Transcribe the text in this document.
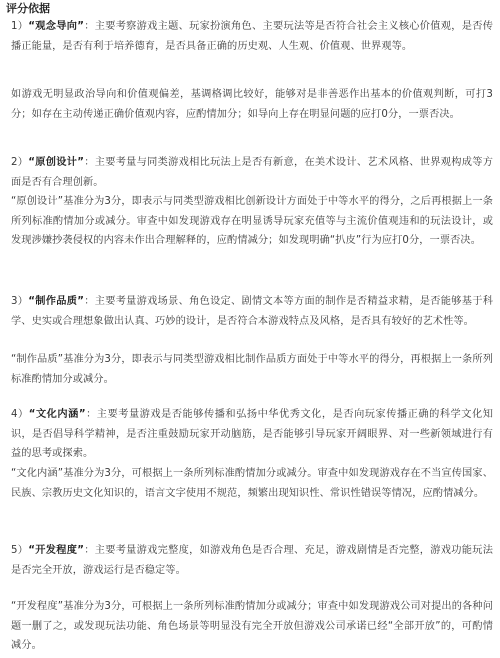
评分依据

1）“观念导向”：主要考察游戏主题、玩家扮演角色、主要玩法等是否符合社会主义核心价值观，是否传播正能量，是否有利于培养德育，是否具备正确的历史观、人生观、价值观、世界观等。

如游戏无明显政治导向和价值观偏差，基调格调比较好，能够对是非善恶作出基本的价值观判断，可打3分；如存在主动传递正确价值观内容，应酌情加分；如导向上存在明显问题的应打0分，一票否决。

2）“原创设计”：主要考量与同类游戏相比玩法上是否有新意，在美术设计、艺术风格、世界观构成等方面是否有合理创新。

“原创设计”基准分为3分，即表示与同类型游戏相比创新设计方面处于中等水平的得分，之后再根据上一条所列标准酌情加分或减分。审查中如发现游戏存在明显诱导玩家充值等与主流价值观违和的玩法设计，或发现涉嫌抄袭侵权的内容未作出合理解释的，应酌情减分；如发现明确“扒皮”行为应打0分，一票否决。

3）“制作品质”：主要考量游戏场景、角色设定、剧情文本等方面的制作是否精益求精，是否能够基于科学、史实或合理想象做出认真、巧妙的设计，是否符合本游戏特点及风格，是否具有较好的艺术性等。

“制作品质”基准分为3分，即表示与同类型游戏相比制作品质方面处于中等水平的得分，再根据上一条所列标准酌情加分或减分。

4）“文化内涵”：主要考量游戏是否能够传播和弘扬中华优秀文化，是否向玩家传播正确的科学文化知识，是否倡导科学精神，是否注重鼓励玩家开动脑筋，是否能够引导玩家开阔眼界、对一些新领域进行有益的思考或探索。

“文化内涵”基准分为3分，可根据上一条所列标准酌情加分或减分。审查中如发现游戏存在不当宣传国家、民族、宗教历史文化知识的，语言文字使用不规范，频繁出现知识性、常识性错误等情况，应酌情减分。

5）“开发程度”：主要考量游戏完整度，如游戏角色是否合理、充足，游戏剧情是否完整，游戏功能玩法是否完全开放，游戏运行是否稳定等。

“开发程度”基准分为3分，可根据上一条所列标准酌情加分或减分；审查中如发现游戏公司对提出的各种问题一删了之，或发现玩法功能、角色场景等明显没有完全开放但游戏公司承诺已经“全部开放”的，可酌情减分。
